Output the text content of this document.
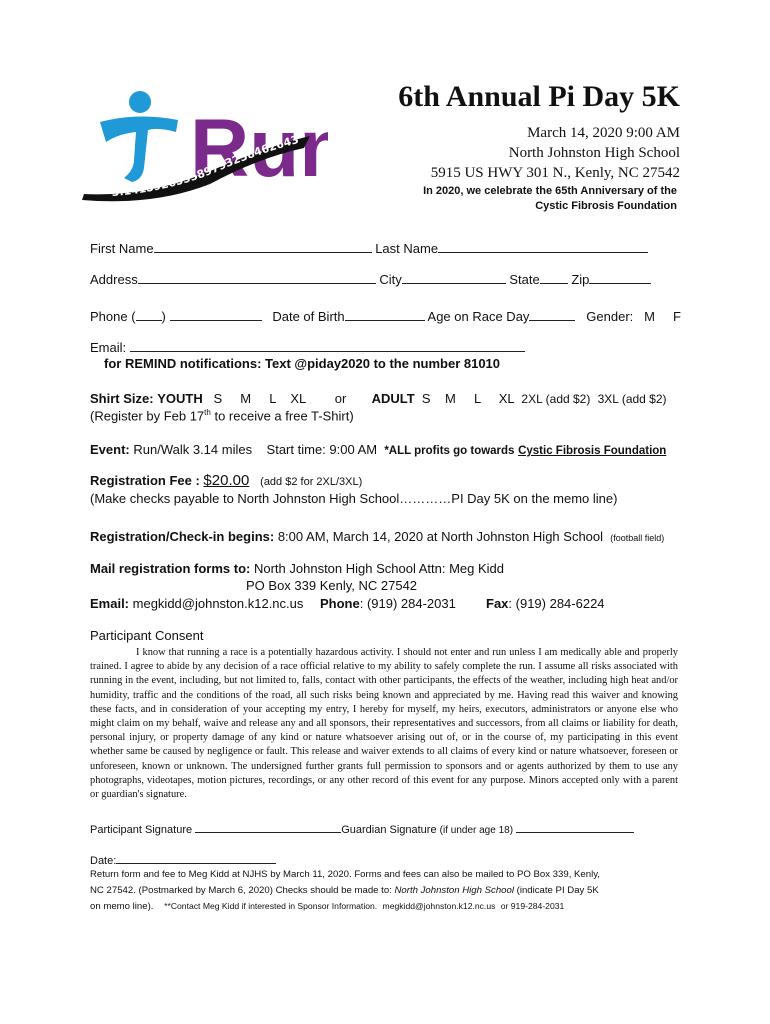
R n
3.141592653589793238462643
6th Annual Pi Day 5K
March 14, 2020 9:00 AM
North Johnston High School
5915 US HWY 301 N., Kenly, NC 27542
In 2020, we celebrate the 65th Anniversary of the
Cystic Fibrosis Foundation
First Name	Last Name
Address	City	State Zip
Phone ( )	Date of Birth	Age on Race Day	Gender: M F
Email:
for REMIND notifications: Text @piday2020 to the number 81010
Shirt Size: YOUTH S M L XL or ADULT S M L XL 2XL (add $2) 3XL (add $2)
(Register by Feb 17th to receive a free T-Shirt)
Event: Run/Walk 3.14 miles Start time: 9:00 AM *ALL profits go towards Cystic Fibrosis Foundation
Registration Fee : $20.00 (add $2 for 2XL/3XL)
(Make checks payable to North Johnston High School…………PI Day 5K on the memo line)
Registration/Check-in begins: 8:00 AM, March 14, 2020 at North Johnston High School (football field)
Mail registration forms to: North Johnston High School Attn: Meg Kidd
PO Box 339 Kenly, NC 27542
Email: megkidd@johnston.k12.nc.us Phone: (919) 284-2031 Fax: (919) 284-6224
Participant Consent

I know that running a race is a potentially hazardous activity. I should not enter and run unless I am medically able and properly trained. I agree to abide by any decision of a race official relative to my ability to safely complete the run. I assume all risks associated with running in the event, including, but not limited to, falls, contact with other participants, the effects of the weather, including high heat and/or humidity, traffic and the conditions of the road, all such risks being known and appreciated by me. Having read this waiver and knowing these facts, and in consideration of your accepting my entry, I hereby for myself, my heirs, executors, administrators or anyone else who might claim on my behalf, waive and release any and all sponsors, their representatives and successors, from all claims or liability for death, personal injury, or property damage of any kind or nature whatsoever arising out of, or in the course of, my participating in this event whether same be caused by negligence or fault. This release and waiver extends to all claims of every kind or nature whatsoever, foreseen or unforeseen, known or unknown. The undersigned further grants full permission to sponsors and or agents authorized by them to use any photographs, videotapes, motion pictures, recordings, or any other record of this event for any purpose. Minors accepted only with a parent or guardian's signature.

Participant Signature	Guardian Signature (if under age 18)
Date:
Return form and fee to Meg Kidd at NJHS by March 11, 2020. Forms and fees can also be mailed to PO Box 339, Kenly,
NC 27542. (Postmarked by March 6, 2020) Checks should be made to: North Johnston High School (indicate PI Day 5K
on memo line). **Contact Meg Kidd if interested in Sponsor Information. megkidd@johnston.k12.nc.us or 919-284-2031
